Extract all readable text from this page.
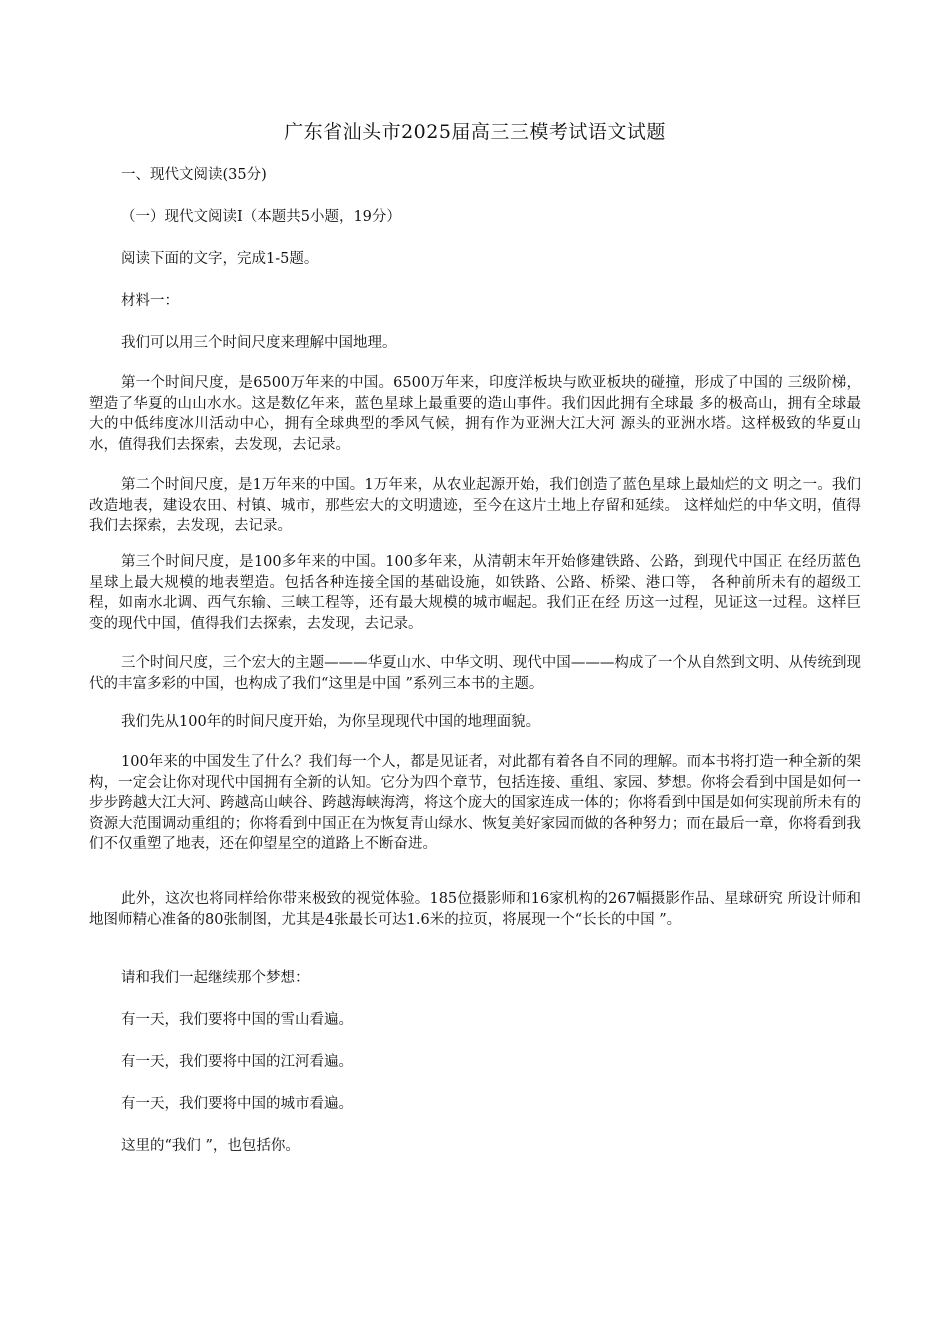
广东省汕头市2025届高三三模考试语文试题
一、现代文阅读(35分)
（一）现代文阅读Ⅰ（本题共5小题，19分）
阅读下面的文字，完成1-5题。
材料一：
我们可以用三个时间尺度来理解中国地理。

第一个时间尺度，是6500万年来的中国。6500万年来，印度洋板块与欧亚板块的碰撞，形成了中国的 三级阶梯，塑造了华夏的山山水水。这是数亿年来，蓝色星球上最重要的造山事件。我们因此拥有全球最 多的极高山，拥有全球最大的中低纬度冰川活动中心，拥有全球典型的季风气候，拥有作为亚洲大江大河 源头的亚洲水塔。这样极致的华夏山水，值得我们去探索，去发现，去记录。

第二个时间尺度，是1万年来的中国。1万年来，从农业起源开始，我们创造了蓝色星球上最灿烂的文 明之一。我们改造地表，建设农田、村镇、城市，那些宏大的文明遗迹，至今在这片土地上存留和延续。 这样灿烂的中华文明，值得我们去探索，去发现，去记录。

第三个时间尺度，是100多年来的中国。100多年来，从清朝末年开始修建铁路、公路，到现代中国正 在经历蓝色星球上最大规模的地表塑造。包括各种连接全国的基础设施，如铁路、公路、桥梁、港口等， 各种前所未有的超级工程，如南水北调、西气东输、三峡工程等，还有最大规模的城市崛起。我们正在经 历这一过程，见证这一过程。这样巨变的现代中国，值得我们去探索，去发现，去记录。

三个时间尺度，三个宏大的主题———华夏山水、中华文明、现代中国———构成了一个从自然到文明、从传统到现代的丰富多彩的中国，也构成了我们“这里是中国 ”系列三本书的主题。

我们先从100年的时间尺度开始，为你呈现现代中国的地理面貌。

100年来的中国发生了什么？我们每一个人，都是见证者，对此都有着各自不同的理解。而本书将打造一种全新的架构，一定会让你对现代中国拥有全新的认知。它分为四个章节，包括连接、重组、家园、梦想。你将会看到中国是如何一步步跨越大江大河、跨越高山峡谷、跨越海峡海湾，将这个庞大的国家连成一体的；你将看到中国是如何实现前所未有的资源大范围调动重组的；你将看到中国正在为恢复青山绿水、恢复美好家园而做的各种努力；而在最后一章，你将看到我们不仅重塑了地表，还在仰望星空的道路上不断奋进。

此外，这次也将同样给你带来极致的视觉体验。185位摄影师和16家机构的267幅摄影作品、星球研究 所设计师和地图师精心准备的80张制图，尤其是4张最长可达1.6米的拉页，将展现一个“长长的中国 ”。

请和我们一起继续那个梦想：
有一天，我们要将中国的雪山看遍。
有一天，我们要将中国的江河看遍。
有一天，我们要将中国的城市看遍。
这里的“我们 ”，也包括你。
